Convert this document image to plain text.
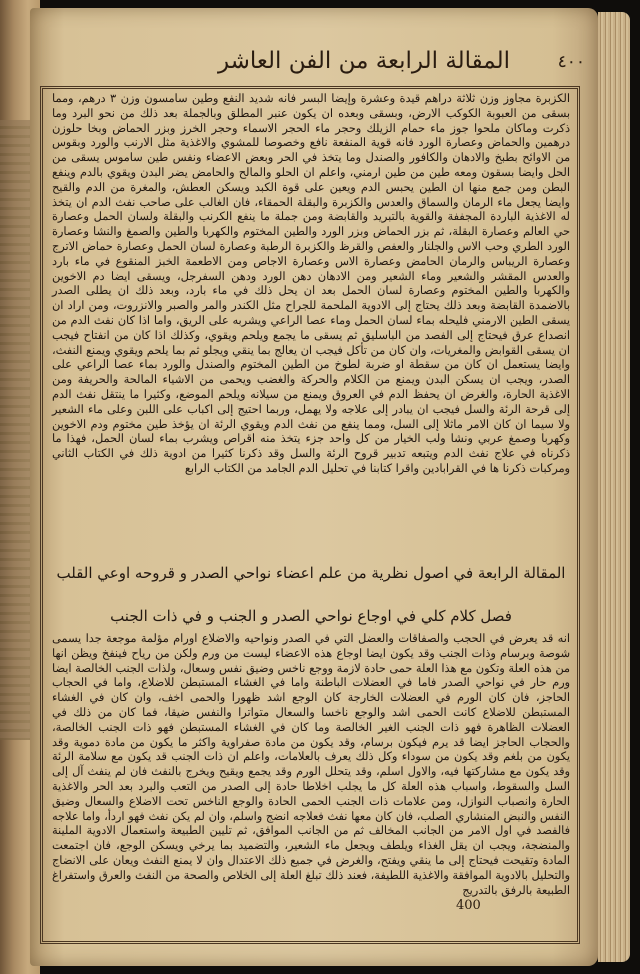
المقالة الرابعة من الفن العاشر	٤٠٠
الكزبرة مجاوز وزن ثلاثة دراهم قيدة وعشرة وإيضا البسر فانه شديد النفع وطين سامسون وزن ٣ درهم، ومما بسقى من العبوبة الكوكب الارض، وبسقى وبعده ان يكون عنبر المطلق وبالجملة بعد ذلك من نحو البرد وما ذكرت وماكان ملحوا جوز ماء حمام الزيلك وحجر ماء الحجر الاسماء وحجر الخرز وبزر الحماض وبخا حلوزن درهمين والحماض وعصارة الورد فانه قوية المنفعة نافع وخصوصا للمشوي والاغذية مثل الارنب والورد وبقوس من الاوائح بطبخ والادهان والكافور والصندل وما يتخذ في الحر وبعض الاعضاء ونفس طين ساموس يسقى من الحل وايضا بسقون ومعه طين من طين ارمني، واعلم ان الحلو والمالح والحامض يضر البدن ويقوي بالدم وينفع البطن ومن جمع منها ان الطين يحبس الدم ويعين على قوة الكبد ويسكن العطش، والمغرة من الدم والقيح وايضا يجعل ماء الرمان والسماق والعدس والكزبرة والبقلة الحمقاء، فان الغالب على صاحب نفث الدم ان يتخذ له الاغذية الباردة المجففة والقوية بالتبريد والقابضة ومن جملة ما ينفع الكرنب والبقلة ولسان الحمل وعصارة حي العالم وعصارة البقلة، ثم بزر الحماض وبزر الورد والطين المختوم والكهربا والطين والصمغ والنشا وعصارة الورد الطري وحب الاس والجلنار والعفص والقرظ والكزبرة الرطبة وعصارة لسان الحمل وعصارة حماض الاترج وعصارة الريباس والرمان الحامض وعصارة الاس وعصارة الاجاص ومن الاطعمة الخبز المنقوع في ماء بارد والعدس المقشر والشعير وماء الشعير ومن الادهان دهن الورد ودهن السفرجل، ويسقى ايضا دم الاخوين والكهربا والطين المختوم وعصارة لسان الحمل بعد ان يحل ذلك في ماء بارد، وبعد ذلك ان يطلى الصدر بالاضمدة القابضة وبعد ذلك يحتاج إلى الادوية الملحمة للجراح مثل الكندر والمر والصبر والانزروت، ومن اراد ان يسقى الطين الارمني فليحله بماء لسان الحمل وماء عصا الراعي ويشربه على الريق، واما اذا كان نفث الدم من انصداع عرق فيحتاج إلى الفصد من الباسليق ثم يسقى ما يجمع ويلحم ويقوي، وكذلك اذا كان من انفتاح فيجب ان يسقى القوابض والمغريات، وان كان من تأكل فيجب ان يعالج بما ينقي ويجلو ثم بما يلحم ويقوي ويمنع النفث، وايضا يستعمل ان كان من سقطة او ضربة لطوخ من الطين المختوم والصندل والورد بماء عصا الراعي على الصدر، ويجب ان يسكن البدن ويمنع من الكلام والحركة والغضب ويحمى من الاشياء المالحة والحريفة ومن الاغذية الحارة، والغرض ان يحفظ الدم في العروق ويمنع من سيلانه ويلحم الموضع، وكثيرا ما ينتقل نفث الدم إلى قرحة الرئة والسل فيجب ان يبادر إلى علاجه ولا يهمل، وربما احتيج إلى اكباب على اللبن وعلى ماء الشعير ولا سيما ان كان الامر ماثلا إلى السل، ومما ينفع من نفث الدم ويقوي الرئة ان يؤخذ طين مختوم ودم الاخوين وكهربا وصمغ عربي ونشا ولب الخيار من كل واحد جزء يتخذ منه اقراص ويشرب بماء لسان الحمل، فهذا ما ذكرناه في علاج نفث الدم ويتبعه تدبير قروح الرئة والسل وقد ذكرنا كثيرا من ادوية ذلك في الكتاب الثاني ومركبات ذكرنا ها في القرابادين واقرا كتابنا في تحليل الدم الجامد من الكتاب الرابع
المقالة الرابعة في اصول نظرية من علم اعضاء نواحي الصدر و قروحه اوعي القلب
فصل كلام كلي في اوجاع نواحي الصدر و الجنب و في ذات الجنب
انه قد يعرض في الحجب والصفاقات والعضل التي في الصدر ونواحيه والاضلاع اورام مؤلمة موجعة جدا يسمى شوصة وبرسام وذات الجنب وقد يكون ايضا اوجاع هذه الاعضاء ليست من ورم ولكن من رياح فينفخ ويظن انها من هذه العلة وتكون مع هذا العلة حمى حادة لازمة ووجع ناخس وضيق نفس وسعال، ولذات الجنب الخالصة ايضا ورم حار في نواحي الصدر فاما في العضلات الباطنة واما في الغشاء المستبطن للاضلاع، واما في الحجاب الحاجز، فان كان الورم في العضلات الخارجة كان الوجع اشد ظهورا والحمى اخف، وان كان في الغشاء المستبطن للاضلاع كانت الحمى اشد والوجع ناخسا والسعال متواترا والنفس ضيقا، فما كان من ذلك في العضلات الظاهرة فهو ذات الجنب الغير الخالصة وما كان في الغشاء المستبطن فهو ذات الجنب الخالصة، والحجاب الحاجز ايضا قد يرم فيكون برسام، وقد يكون من مادة صفراوية واكثر ما يكون من مادة دموية وقد يكون من بلغم وقد يكون من سوداء وكل ذلك يعرف بالعلامات، واعلم ان ذات الجنب قد يكون مع سلامة الرئة وقد يكون مع مشاركتها فيه، والاول اسلم، وقد يتحلل الورم وقد يجمع ويقيح ويخرج بالنفث فان لم ينفث آل إلى السل والسقوط، واسباب هذه العلة كل ما يجلب اخلاطا حادة إلى الصدر من التعب والبرد بعد الحر والاغذية الحارة وانصباب النوازل، ومن علامات ذات الجنب الحمى الحادة والوجع الناخس تحت الاضلاع والسعال وضيق النفس والنبض المنشاري الصلب، فان كان معها نفث فعلاجه انضج واسلم، وان لم يكن نفث فهو اردأ، واما علاجه فالفصد في اول الامر من الجانب المخالف ثم من الجانب الموافق، ثم تليين الطبيعة واستعمال الادوية الملينة والمنضجة، ويجب ان يقل الغذاء ويلطف ويجعل ماء الشعير، والتضميد بما يرخي ويسكن الوجع، فان اجتمعت المادة وتقيحت فيحتاج إلى ما ينقي ويفتح، والغرض في جميع ذلك الاعتدال وان لا يمنع النفث ويعان على الانضاج والتحليل بالادوية الموافقة والاغذية اللطيفة، فعند ذلك تبلغ العلة إلى الخلاص والصحة من النفث والعرق واستفراغ الطبيعة بالرفق بالتدريج
400
